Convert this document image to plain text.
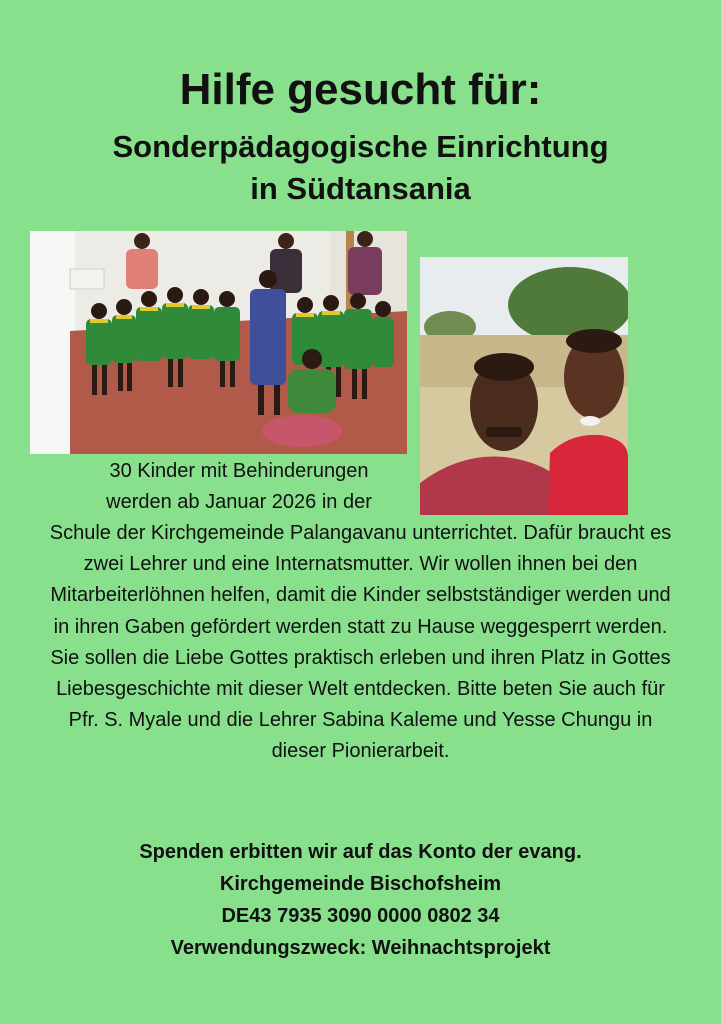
Hilfe gesucht für:
Sonderpädagogische Einrichtung
in Südtansania
30 Kinder mit Behinderungen
werden ab Januar 2026 in der

Schule der Kirchgemeinde Palangavanu unterrichtet. Dafür braucht es zwei Lehrer und eine Internatsmutter. Wir wollen ihnen bei den Mitarbeiterlöhnen helfen, damit die Kinder selbstständiger werden und in ihren Gaben gefördert werden statt zu Hause weggesperrt werden. Sie sollen die Liebe Gottes praktisch erleben und ihren Platz in Gottes Liebesgeschichte mit dieser Welt entdecken. Bitte beten Sie auch für Pfr. S. Myale und die Lehrer Sabina Kaleme und Yesse Chungu in dieser Pionierarbeit.

Spenden erbitten wir auf das Konto der evang.
Kirchgemeinde Bischofsheim
DE43 7935 3090 0000 0802 34
Verwendungszweck: Weihnachtsprojekt
